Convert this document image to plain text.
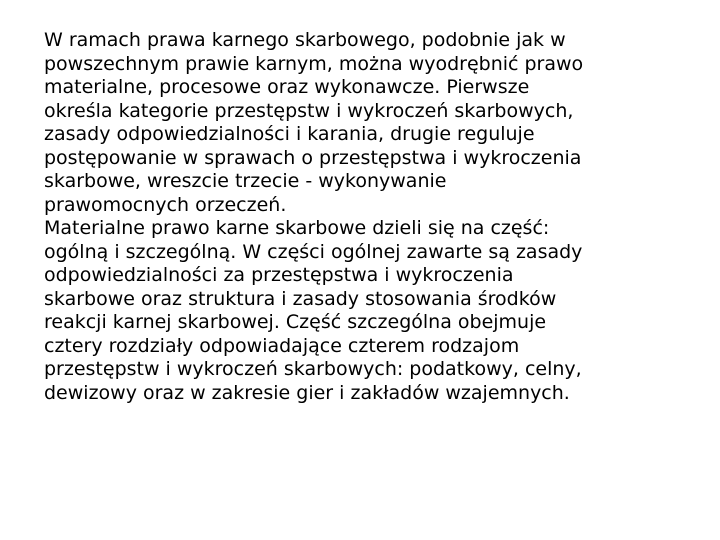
W ramach prawa karnego skarbowego, podobnie jak w
powszechnym prawie karnym, można wyodrębnić prawo
materialne, procesowe oraz wykonawcze. Pierwsze
określa kategorie przestępstw i wykroczeń skarbowych,
zasady odpowiedzialności i karania, drugie reguluje
postępowanie w sprawach o przestępstwa i wykroczenia
skarbowe, wreszcie trzecie - wykonywanie
prawomocnych orzeczeń.
Materialne prawo karne skarbowe dzieli się na część:
ogólną i szczególną. W części ogólnej zawarte są zasady
odpowiedzialności za przestępstwa i wykroczenia
skarbowe oraz struktura i zasady stosowania środków
reakcji karnej skarbowej. Część szczególna obejmuje
cztery rozdziały odpowiadające czterem rodzajom
przestępstw i wykroczeń skarbowych: podatkowy, celny,
dewizowy oraz w zakresie gier i zakładów wzajemnych.
